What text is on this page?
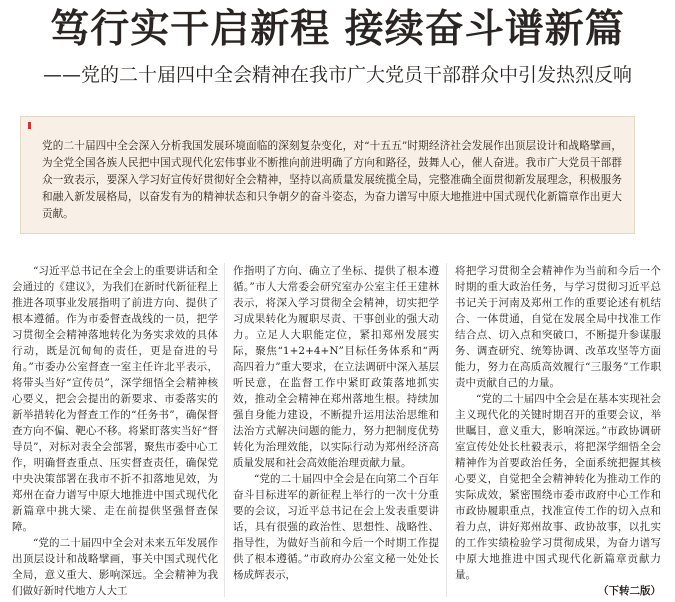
笃行实干启新程 接续奋斗谱新篇
——党的二十届四中全会精神在我市广大党员干部群众中引发热烈反响

党的二十届四中全会深入分析我国发展环境面临的深刻复杂变化，对“十五五”时期经济社会发展作出顶层设计和战略擘画，为全党全国各族人民把中国式现代化宏伟事业不断推向前进明确了方向和路径，鼓舞人心，催人奋进。我市广大党员干部群众一致表示，要深入学习好宣传好贯彻好全会精神，坚持以高质量发展统揽全局，完整准确全面贯彻新发展理念，积极服务和融入新发展格局，以奋发有为的精神状态和只争朝夕的奋斗姿态，为奋力谱写中原大地推进中国式现代化新篇章作出更大贡献。

“习近平总书记在全会上的重要讲话和全会通过的《建议》，为我们在新时代新征程上推进各项事业发展指明了前进方向、提供了根本遵循。作为市委督查战线的一员，把学习贯彻全会精神落地转化为务实求效的具体行动，既是沉甸甸的责任，更是奋进的号角。”市委办公室督查一室主任许北平表示，将带头当好“宣传员”，深学细悟全会精神核心要义，把会会提出的新要求、市委落实的新举措转化为督查工作的“任务书”，确保督查方向不偏、靶心不移。将紧盯落实当好“督导员”，对标对表全会部署，聚焦市委中心工作，明确督查重点、压实督查责任，确保党中央决策部署在我市不折不扣落地见效，为郑州在奋力谱写中原大地推进中国式现代化新篇章中挑大梁、走在前提供坚强督查保障。

“党的二十届四中全会对未来五年发展作出顶层设计和战略擘画，事关中国式现代化全局，意义重大、影响深远。全会精神为我们做好新时代地方人大工

作指明了方向、确立了坐标、提供了根本遵循。”市人大常委会研究室办公室主任王建林表示，将深入学习贯彻全会精神，切实把学习成果转化为履职尽责、干事创业的强大动力。立足人大职能定位，紧扣郑州发展实际，聚焦“1+2+4+N”目标任务体系和“两高四着力”重大要求，在立法调研中深入基层听民意，在监督工作中紧盯政策落地抓实效，推动全会精神在郑州落地生根。持续加强自身能力建设，不断提升运用法治思维和法治方式解决问题的能力，努力把制度优势转化为治理效能，以实际行动为郑州经济高质量发展和社会高效能治理贡献力量。

“党的二十届四中全会是在向第二个百年奋斗目标进军的新征程上举行的一次十分重要的会议，习近平总书记在会上发表重要讲话，具有很强的政治性、思想性、战略性、指导性，为做好当前和今后一个时期工作提供了根本遵循。”市政府办公室文秘一处处长杨成辉表示，

将把学习贯彻全会精神作为当前和今后一个时期的重大政治任务，与学习贯彻习近平总书记关于河南及郑州工作的重要论述有机结合、一体贯通，自觉在发展全局中找准工作结合点、切入点和突破口，不断提升参谋服务、调查研究、统筹协调、改革攻坚等方面能力，努力在高质高效履行“三服务”工作职责中贡献自己的力量。

“党的二十届四中全会是在基本实现社会主义现代化的关键时期召开的重要会议，举世瞩目，意义重大，影响深远。”市政协调研室宣传处处长杜毅表示，将把深学细悟全会精神作为首要政治任务，全面系统把握其核心要义，自觉把全会精神转化为推动工作的实际成效，紧密围绕市委市政府中心工作和市政协履职重点，找准宣传工作的切入点和着力点，讲好郑州故事、政协故事，以扎实的工作实绩检验学习贯彻成果，为奋力谱写中原大地推进中国式现代化新篇章贡献力量。

（下转二版）
